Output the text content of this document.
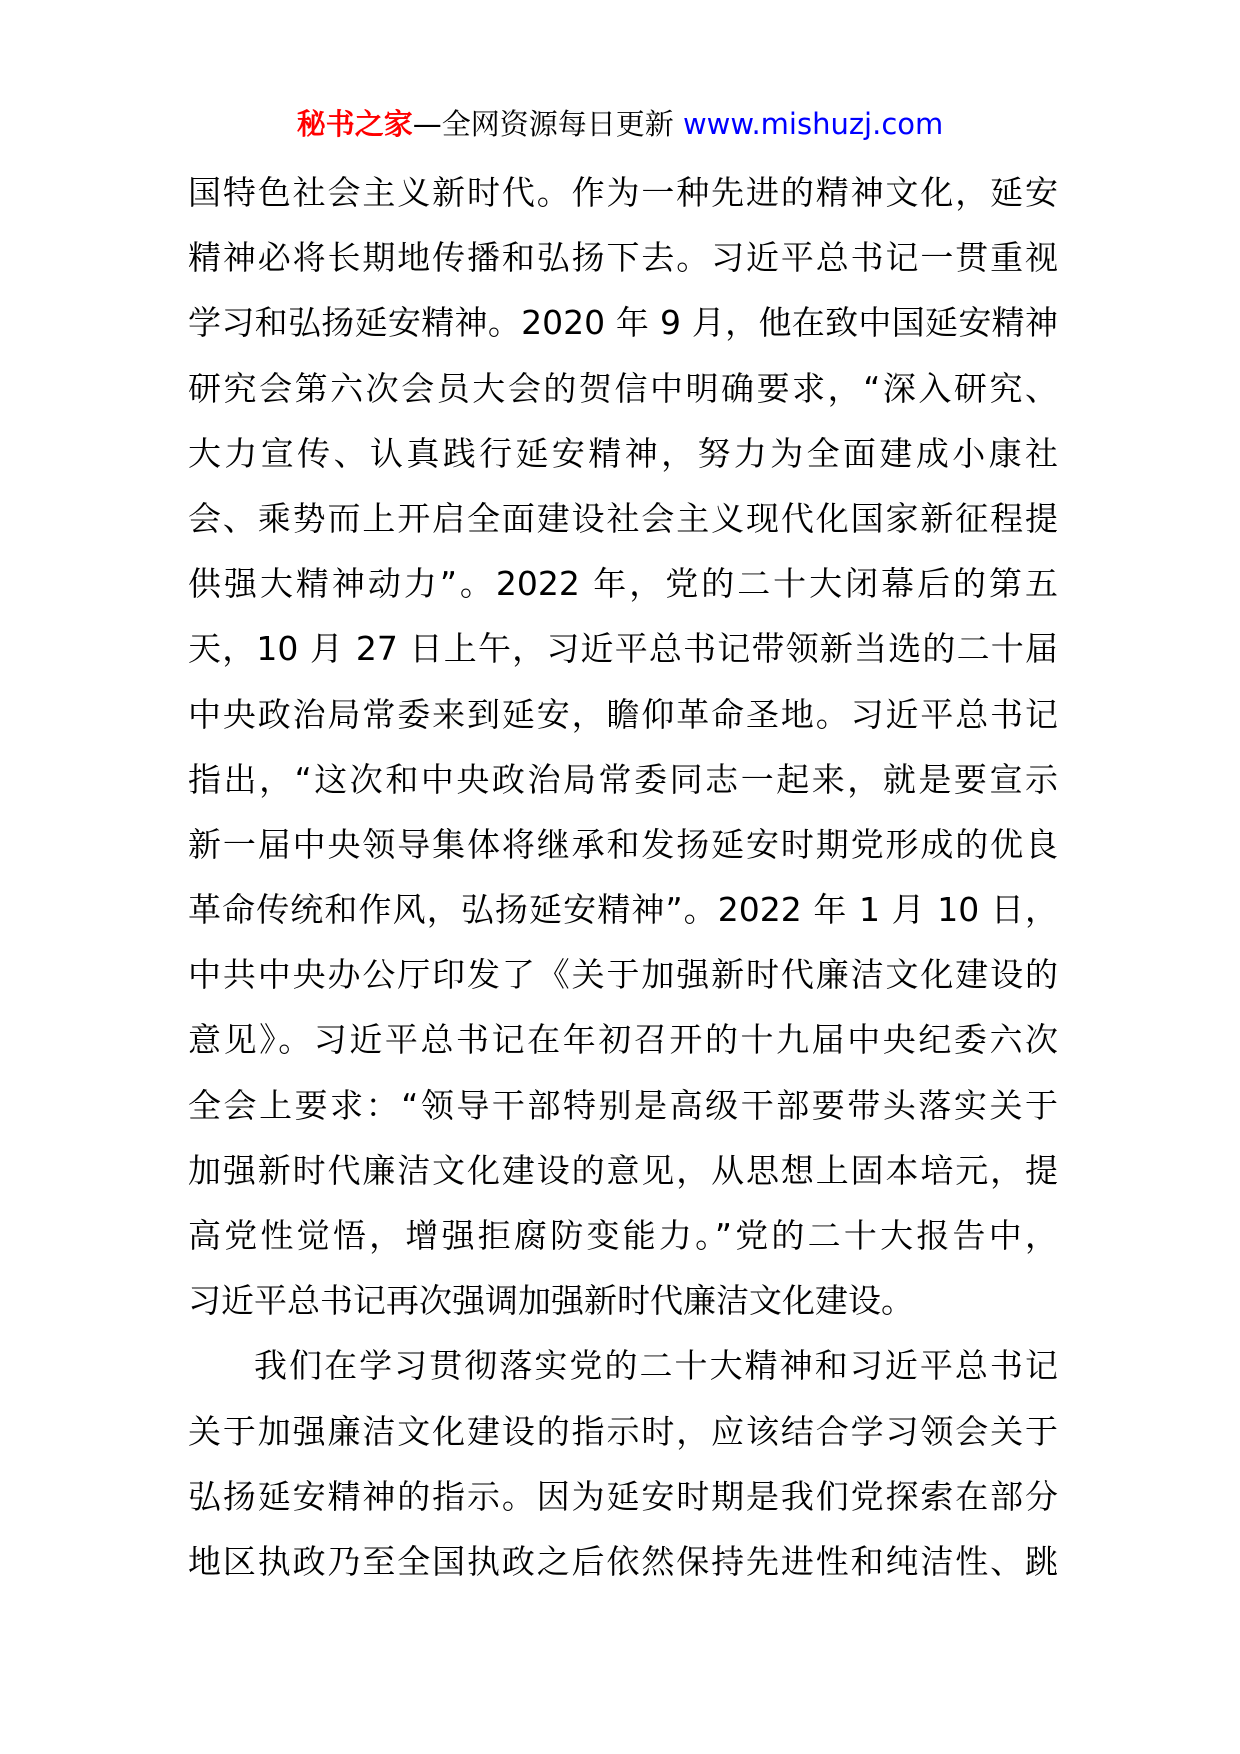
秘书之家—全网资源每日更新 www.mishuzj.com
国特色社会主义新时代。作为一种先进的精神文化，延安
精神必将长期地传播和弘扬下去。习近平总书记一贯重视
学习和弘扬延安精神。2020 年 9 月，他在致中国延安精神
研究会第六次会员大会的贺信中明确要求，“深入研究、
大力宣传、认真践行延安精神，努力为全面建成小康社
会、乘势而上开启全面建设社会主义现代化国家新征程提
供强大精神动力”。2022 年，党的二十大闭幕后的第五
天，10 月 27 日上午，习近平总书记带领新当选的二十届
中央政治局常委来到延安，瞻仰革命圣地。习近平总书记
指出，“这次和中央政治局常委同志一起来，就是要宣示
新一届中央领导集体将继承和发扬延安时期党形成的优良
革命传统和作风，弘扬延安精神”。2022 年 1 月 10 日，
中共中央办公厅印发了《关于加强新时代廉洁文化建设的
意见》。习近平总书记在年初召开的十九届中央纪委六次
全会上要求：“领导干部特别是高级干部要带头落实关于
加强新时代廉洁文化建设的意见，从思想上固本培元，提
高党性觉悟，增强拒腐防变能力。”党的二十大报告中，
习近平总书记再次强调加强新时代廉洁文化建设。
我们在学习贯彻落实党的二十大精神和习近平总书记
关于加强廉洁文化建设的指示时，应该结合学习领会关于
弘扬延安精神的指示。因为延安时期是我们党探索在部分
地区执政乃至全国执政之后依然保持先进性和纯洁性、跳
